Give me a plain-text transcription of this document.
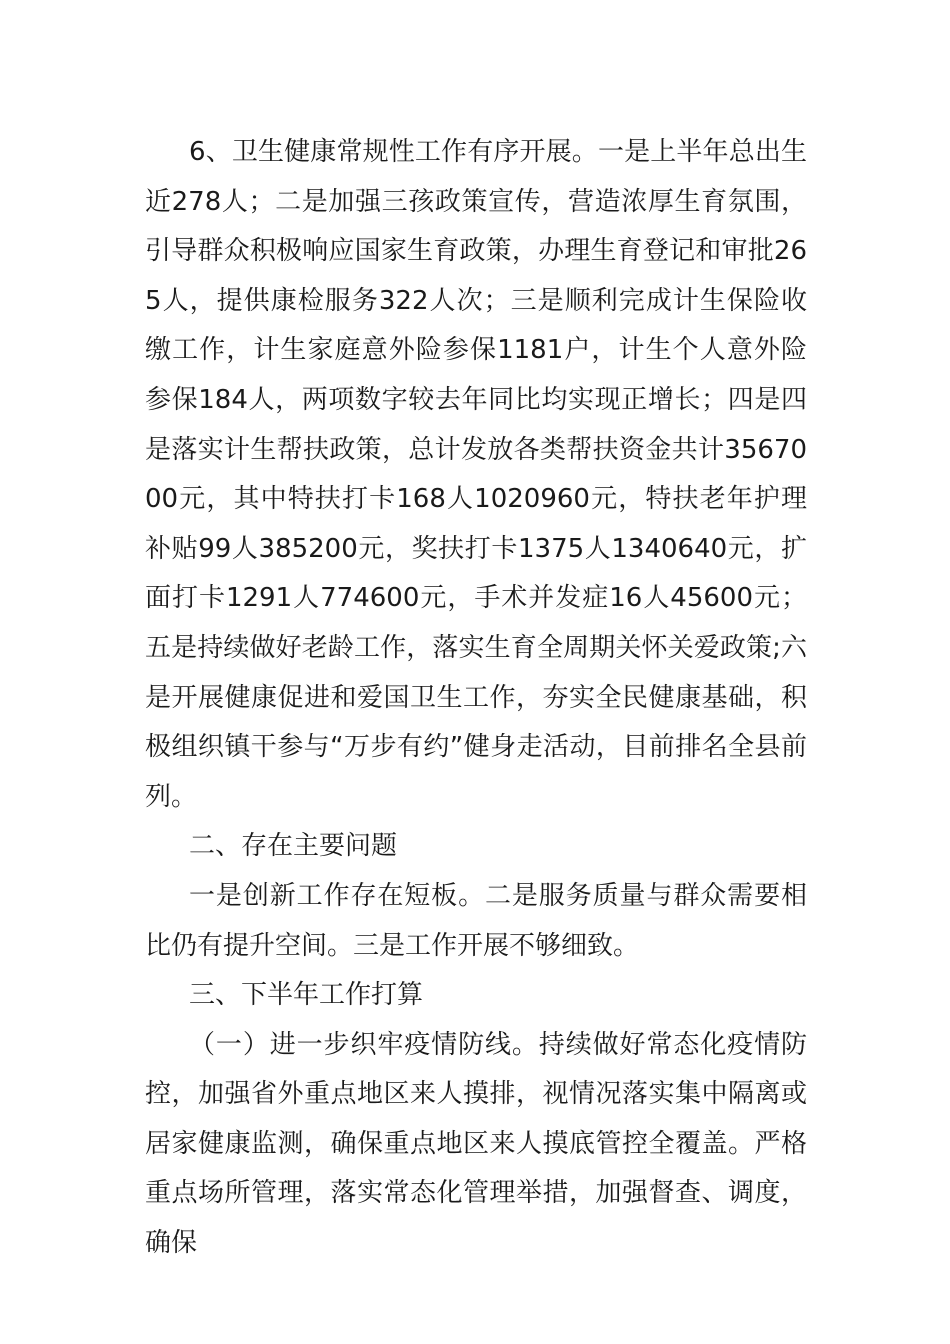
6、卫生健康常规性工作有序开展。一是上半年总出生近278人；二是加强三孩政策宣传，营造浓厚生育氛围，引导群众积极响应国家生育政策，办理生育登记和审批265人，提供康检服务322人次；三是顺利完成计生保险收缴工作，计生家庭意外险参保1181户，计生个人意外险参保184人，两项数字较去年同比均实现正增长；四是四是落实计生帮扶政策，总计发放各类帮扶资金共计3567000元，其中特扶打卡168人1020960元，特扶老年护理补贴99人385200元，奖扶打卡1375人1340640元，扩面打卡1291人774600元，手术并发症16人45600元；五是持续做好老龄工作，落实生育全周期关怀关爱政策;六是开展健康促进和爱国卫生工作，夯实全民健康基础，积极组织镇干参与“万步有约”健身走活动，目前排名全县前列。

二、存在主要问题

一是创新工作存在短板。二是服务质量与群众需要相比仍有提升空间。三是工作开展不够细致。

三、下半年工作打算

（一）进一步织牢疫情防线。持续做好常态化疫情防控，加强省外重点地区来人摸排，视情况落实集中隔离或居家健康监测，确保重点地区来人摸底管控全覆盖。严格重点场所管理，落实常态化管理举措，加强督查、调度，确保
